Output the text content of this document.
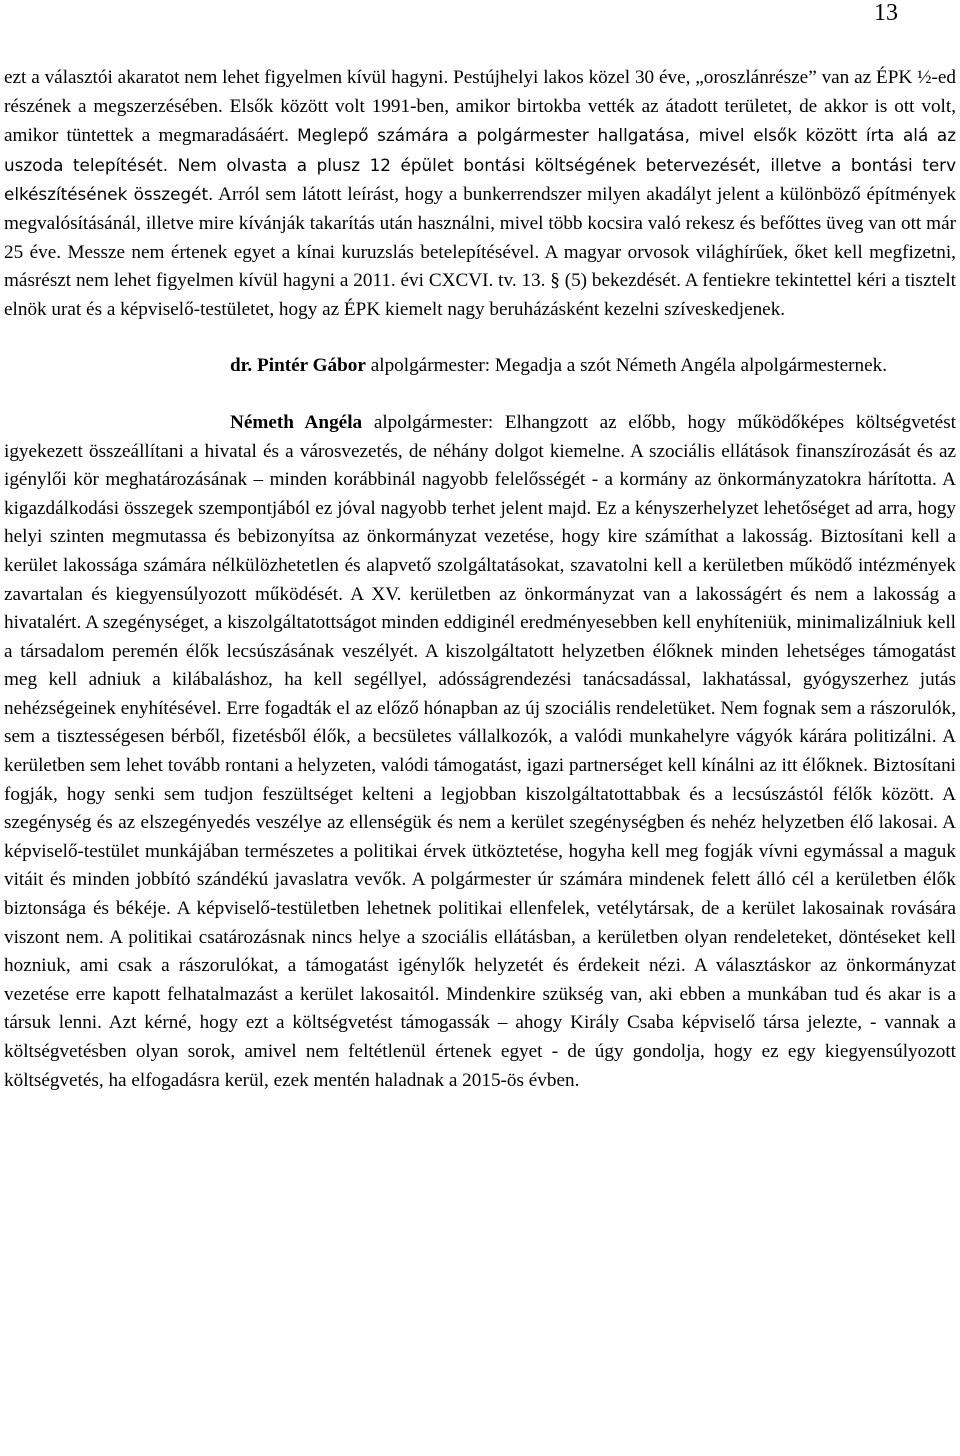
13

ezt a választói akaratot nem lehet figyelmen kívül hagyni. Pestújhelyi lakos közel 30 éve, „oroszlánrésze” van az ÉPK ½-ed részének a megszerzésében. Elsők között volt 1991-ben, amikor birtokba vették az átadott területet, de akkor is ott volt, amikor tüntettek a megmaradásáért. Meglepő számára a polgármester hallgatása, mivel elsők között írta alá az uszoda telepítését. Nem olvasta a plusz 12 épület bontási költségének betervezését, illetve a bontási terv elkészítésének összegét. Arról sem látott leírást, hogy a bunkerrendszer milyen akadályt jelent a különböző építmények megvalósításánál, illetve mire kívánják takarítás után használni, mivel több kocsira való rekesz és befőttes üveg van ott már 25 éve. Messze nem értenek egyet a kínai kuruzslás betelepítésével. A magyar orvosok világhírűek, őket kell megfizetni, másrészt nem lehet figyelmen kívül hagyni a 2011. évi CXCVI. tv. 13. § (5) bekezdését. A fentiekre tekintettel kéri a tisztelt elnök urat és a képviselő-testületet, hogy az ÉPK kiemelt nagy beruházásként kezelni szíveskedjenek.

dr. Pintér Gábor alpolgármester: Megadja a szót Németh Angéla alpolgármesternek.

Németh Angéla alpolgármester: Elhangzott az előbb, hogy működőképes költségvetést igyekezett összeállítani a hivatal és a városvezetés, de néhány dolgot kiemelne. A szociális ellátások finanszírozását és az igénylői kör meghatározásának – minden korábbinál nagyobb felelősségét - a kormány az önkormányzatokra hárította. A kigazdálkodási összegek szempontjából ez jóval nagyobb terhet jelent majd. Ez a kényszerhelyzet lehetőséget ad arra, hogy helyi szinten megmutassa és bebizonyítsa az önkormányzat vezetése, hogy kire számíthat a lakosság. Biztosítani kell a kerület lakossága számára nélkülözhetetlen és alapvető szolgáltatásokat, szavatolni kell a kerületben működő intézmények zavartalan és kiegyensúlyozott működését. A XV. kerületben az önkormányzat van a lakosságért és nem a lakosság a hivatalért. A szegénységet, a kiszolgáltatottságot minden eddiginél eredményesebben kell enyhíteniük, minimalizálniuk kell a társadalom peremén élők lecsúszásának veszélyét. A kiszolgáltatott helyzetben élőknek minden lehetséges támogatást meg kell adniuk a kilábaláshoz, ha kell segéllyel, adósságrendezési tanácsadással, lakhatással, gyógyszerhez jutás nehézségeinek enyhítésével. Erre fogadták el az előző hónapban az új szociális rendeletüket. Nem fognak sem a rászorulók, sem a tisztességesen bérből, fizetésből élők, a becsületes vállalkozók, a valódi munkahelyre vágyók kárára politizálni. A kerületben sem lehet tovább rontani a helyzeten, valódi támogatást, igazi partnerséget kell kínálni az itt élőknek. Biztosítani fogják, hogy senki sem tudjon feszültséget kelteni a legjobban kiszolgáltatottabbak és a lecsúszástól félők között. A szegénység és az elszegényedés veszélye az ellenségük és nem a kerület szegénységben és nehéz helyzetben élő lakosai. A képviselő-testület munkájában természetes a politikai érvek ütköztetése, hogyha kell meg fogják vívni egymással a maguk vitáit és minden jobbító szándékú javaslatra vevők. A polgármester úr számára mindenek felett álló cél a kerületben élők biztonsága és békéje. A képviselő-testületben lehetnek politikai ellenfelek, vetélytársak, de a kerület lakosainak rovására viszont nem. A politikai csatározásnak nincs helye a szociális ellátásban, a kerületben olyan rendeleteket, döntéseket kell hozniuk, ami csak a rászorulókat, a támogatást igénylők helyzetét és érdekeit nézi. A választáskor az önkormányzat vezetése erre kapott felhatalmazást a kerület lakosaitól. Mindenkire szükség van, aki ebben a munkában tud és akar is a társuk lenni. Azt kérné, hogy ezt a költségvetést támogassák – ahogy Király Csaba képviselő társa jelezte, - vannak a költségvetésben olyan sorok, amivel nem feltétlenül értenek egyet - de úgy gondolja, hogy ez egy kiegyensúlyozott költségvetés, ha elfogadásra kerül, ezek mentén haladnak a 2015-ös évben.
